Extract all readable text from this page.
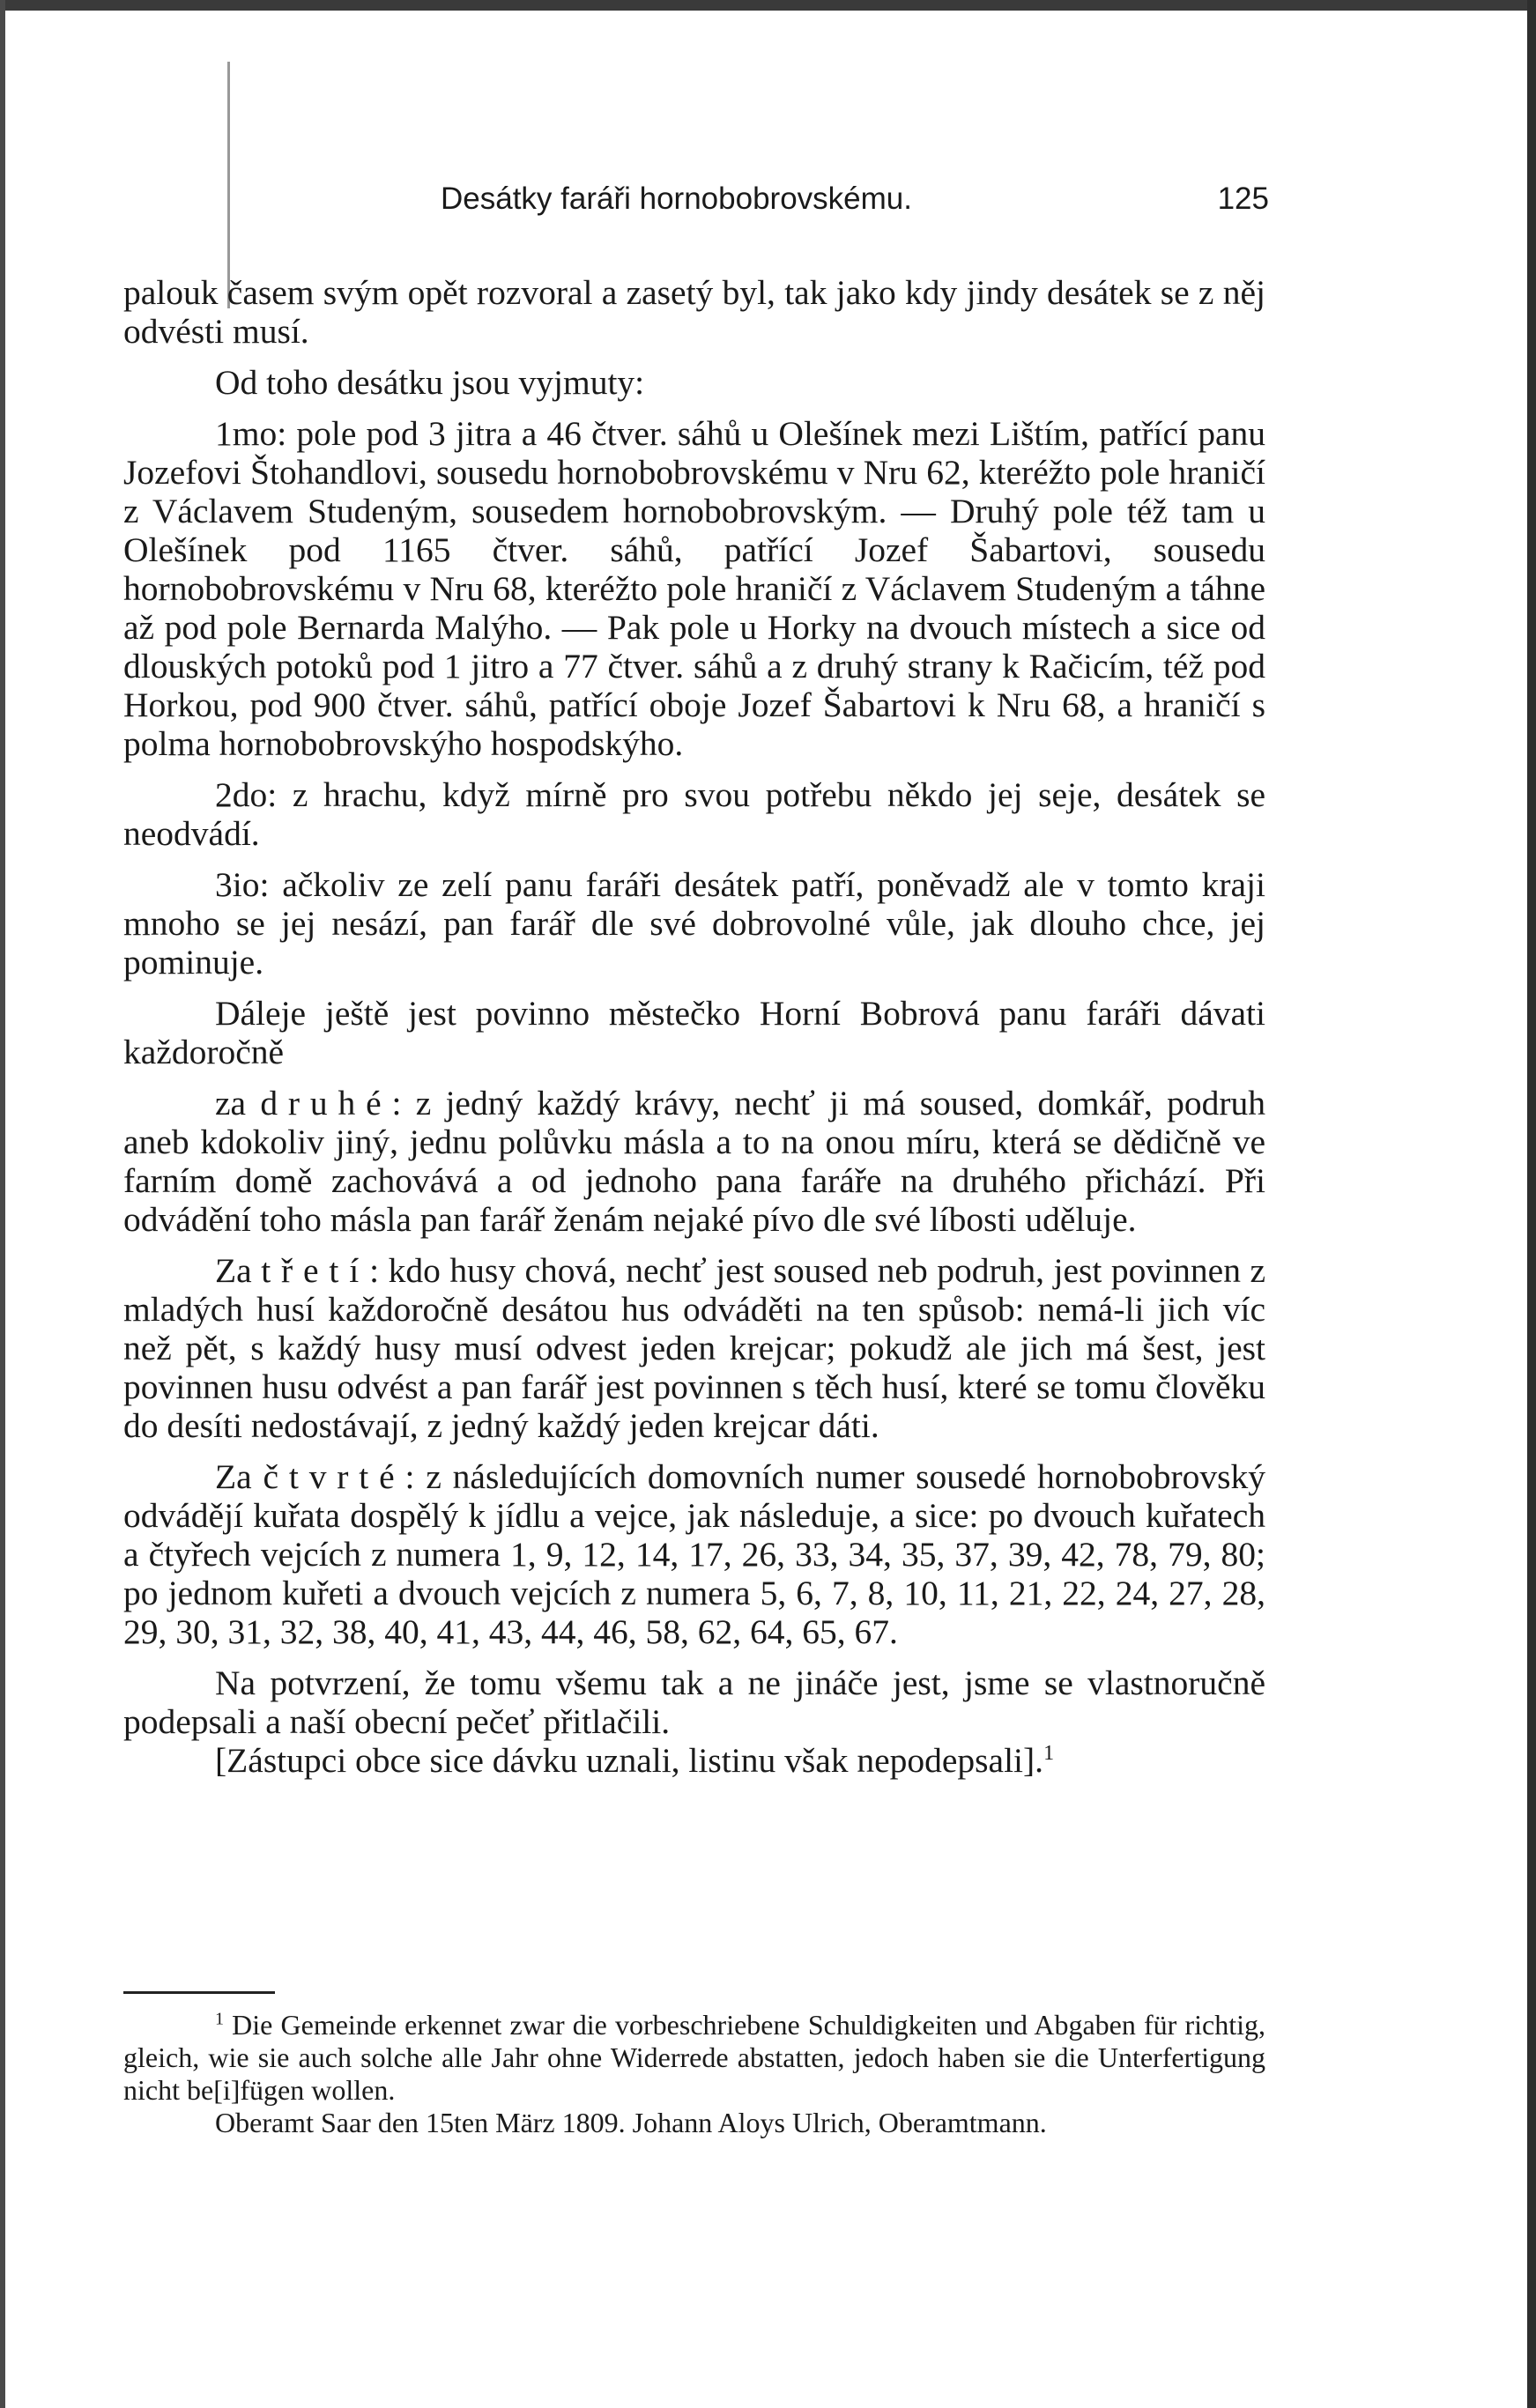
Desátky faráři hornobobrovskému.	125

palouk časem svým opět rozvoral a zasetý byl, tak jako kdy jindy desátek se z něj odvésti musí.

Od toho desátku jsou vyjmuty:

1mo: pole pod 3 jitra a 46 čtver. sáhů u Olešínek mezi Lištím, patřící panu Jozefovi Štohandlovi, sousedu hornobobrovskému v Nru 62, kteréžto pole hraničí z Václavem Studeným, sousedem hornobobrovským. — Druhý pole též tam u Olešínek pod 1165 čtver. sáhů, patřící Jozef Šabartovi, sousedu hornobobrovskému v Nru 68, kteréžto pole hraničí z Václavem Studeným a táhne až pod pole Bernarda Malýho. — Pak pole u Horky na dvouch místech a sice od dlouských potoků pod 1 jitro a 77 čtver. sáhů a z druhý strany k Račicím, též pod Horkou, pod 900 čtver. sáhů, patřící oboje Jozef Šabartovi k Nru 68, a hraničí s polma hornobobrovskýho hospodskýho.

2do: z hrachu, když mírně pro svou potřebu někdo jej seje, desátek se neodvádí.

3io: ačkoliv ze zelí panu faráři desátek patří, poněvadž ale v tomto kraji mnoho se jej nesází, pan farář dle své dobrovolné vůle, jak dlouho chce, jej pominuje.

Dáleje ještě jest povinno městečko Horní Bobrová panu faráři dávati každoročně

za druhé: z jedný každý krávy, nechť ji má soused, domkář, podruh aneb kdokoliv jiný, jednu polůvku másla a to na onou míru, která se dědičně ve farním domě zachovává a od jednoho pana faráře na druhého přichází. Při odvádění toho másla pan farář ženám nejaké pívo dle své líbosti uděluje.

Za třetí: kdo husy chová, nechť jest soused neb podruh, jest povinnen z mladých husí každoročně desátou hus odváděti na ten spůsob: nemá-li jich víc než pět, s každý husy musí odvest jeden krejcar; pokudž ale jich má šest, jest povinnen husu odvést a pan farář jest povinnen s těch husí, které se tomu člověku do desíti nedostávají, z jedný každý jeden krejcar dáti.

Za čtvrté: z následujících domovních numer sousedé hornobobrovský odvádějí kuřata dospělý k jídlu a vejce, jak následuje, a sice: po dvouch kuřatech a čtyřech vejcích z numera 1, 9, 12, 14, 17, 26, 33, 34, 35, 37, 39, 42, 78, 79, 80; po jednom kuřeti a dvouch vejcích z numera 5, 6, 7, 8, 10, 11, 21, 22, 24, 27, 28, 29, 30, 31, 32, 38, 40, 41, 43, 44, 46, 58, 62, 64, 65, 67.

Na potvrzení, že tomu všemu tak a ne jináče jest, jsme se vlastnoručně podepsali a naší obecní pečeť přitlačili.

[Zástupci obce sice dávku uznali, listinu však nepodepsali].$^1$

$^1$ Die Gemeinde erkennet zwar die vorbeschriebene Schuldigkeiten und Abgaben für richtig, gleich, wie sie auch solche alle Jahr ohne Widerrede abstatten, jedoch haben sie die Unterfertigung nicht be[i]fügen wollen.

Oberamt Saar den 15ten März 1809. Johann Aloys Ulrich, Oberamtmann.
